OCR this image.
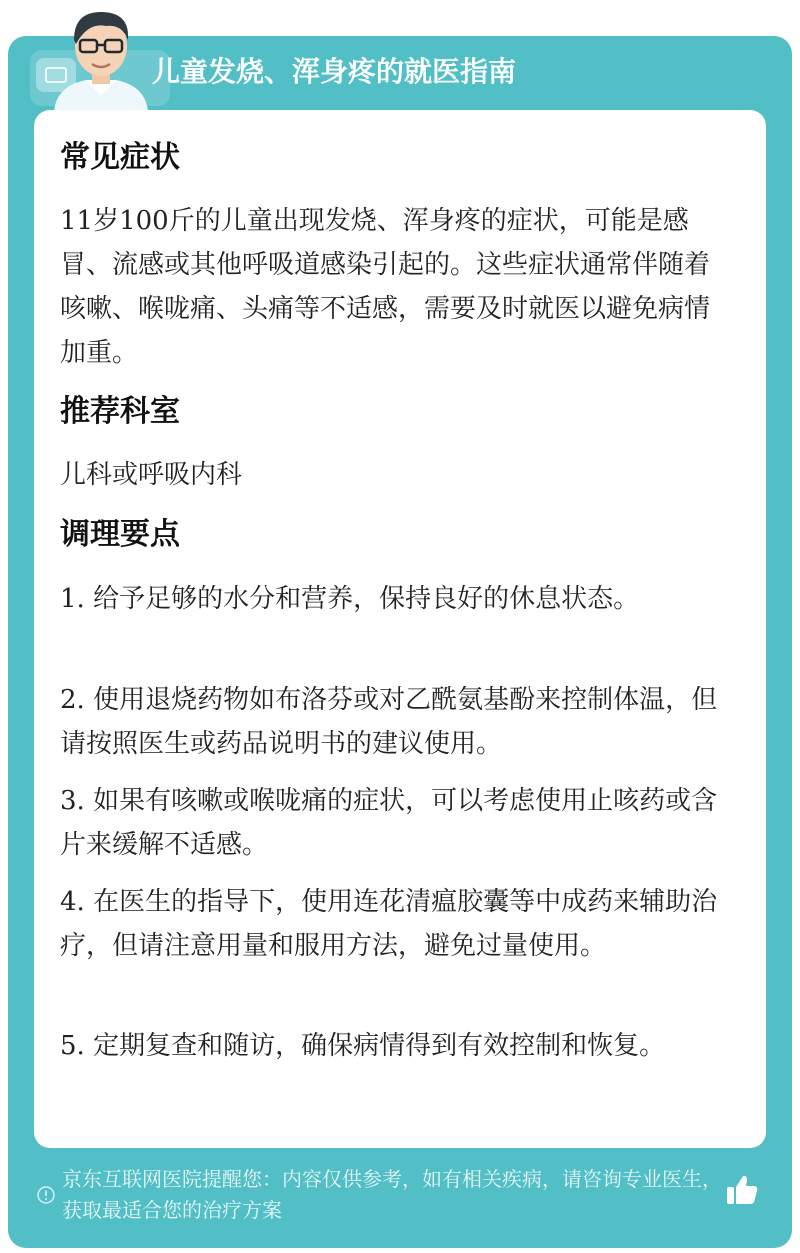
儿童发烧、浑身疼的就医指南
常见症状
11岁100斤的儿童出现发烧、浑身疼的症状，可能是感冒、流感或其他呼吸道感染引起的。这些症状通常伴随着咳嗽、喉咙痛、头痛等不适感，需要及时就医以避免病情加重。
推荐科室
儿科或呼吸内科
调理要点
1. 给予足够的水分和营养，保持良好的休息状态。
2. 使用退烧药物如布洛芬或对乙酰氨基酚来控制体温，但请按照医生或药品说明书的建议使用。
3. 如果有咳嗽或喉咙痛的症状，可以考虑使用止咳药或含片来缓解不适感。
4. 在医生的指导下，使用连花清瘟胶囊等中成药来辅助治疗，但请注意用量和服用方法，避免过量使用。
5. 定期复查和随访，确保病情得到有效控制和恢复。
京东互联网医院提醒您：内容仅供参考，如有相关疾病，请咨询专业医生，获取最适合您的治疗方案
